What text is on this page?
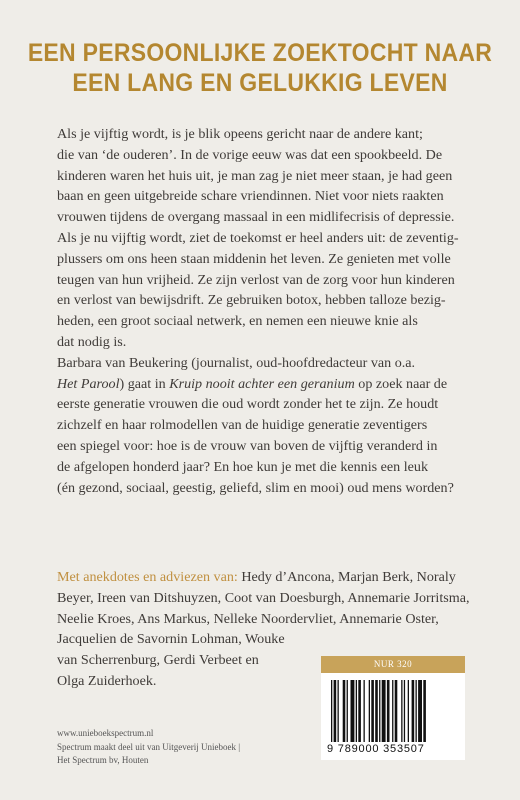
EEN PERSOONLIJKE ZOEKTOCHT NAAR
EEN LANG EN GELUKKIG LEVEN
Als je vijftig wordt, is je blik opeens gericht naar de andere kant;
die van ‘de ouderen’. In de vorige eeuw was dat een spookbeeld. De
kinderen waren het huis uit, je man zag je niet meer staan, je had geen
baan en geen uitgebreide schare vriendinnen. Niet voor niets raakten
vrouwen tijdens de overgang massaal in een midlifecrisis of depressie.
Als je nu vijftig wordt, ziet de toekomst er heel anders uit: de zeventig-
plussers om ons heen staan middenin het leven. Ze genieten met volle
teugen van hun vrijheid. Ze zijn verlost van de zorg voor hun kinderen
en verlost van bewijsdrift. Ze gebruiken botox, hebben talloze bezig-
heden, een groot sociaal netwerk, en nemen een nieuwe knie als
dat nodig is.
Barbara van Beukering (journalist, oud-hoofdredacteur van o.a.
Het Parool) gaat in Kruip nooit achter een geranium op zoek naar de
eerste generatie vrouwen die oud wordt zonder het te zijn. Ze houdt
zichzelf en haar rolmodellen van de huidige generatie zeventigers
een spiegel voor: hoe is de vrouw van boven de vijftig veranderd in
de afgelopen honderd jaar? En hoe kun je met die kennis een leuk
(én gezond, sociaal, geestig, geliefd, slim en mooi) oud mens worden?
Met anekdotes en adviezen van: Hedy d’Ancona, Marjan Berk, Noraly
Beyer, Ireen van Ditshuyzen, Coot van Doesburgh, Annemarie Jorritsma,
Neelie Kroes, Ans Markus, Nelleke Noordervliet, Annemarie Oster,
Jacquelien de Savornin Lohman, Wouke
van Scherrenburg, Gerdi Verbeet en
Olga Zuiderhoek.
www.unieboekspectrum.nl
Spectrum maakt deel uit van Uitgeverij Unieboek |
Het Spectrum bv, Houten
NUR 320
9 789000 353507
